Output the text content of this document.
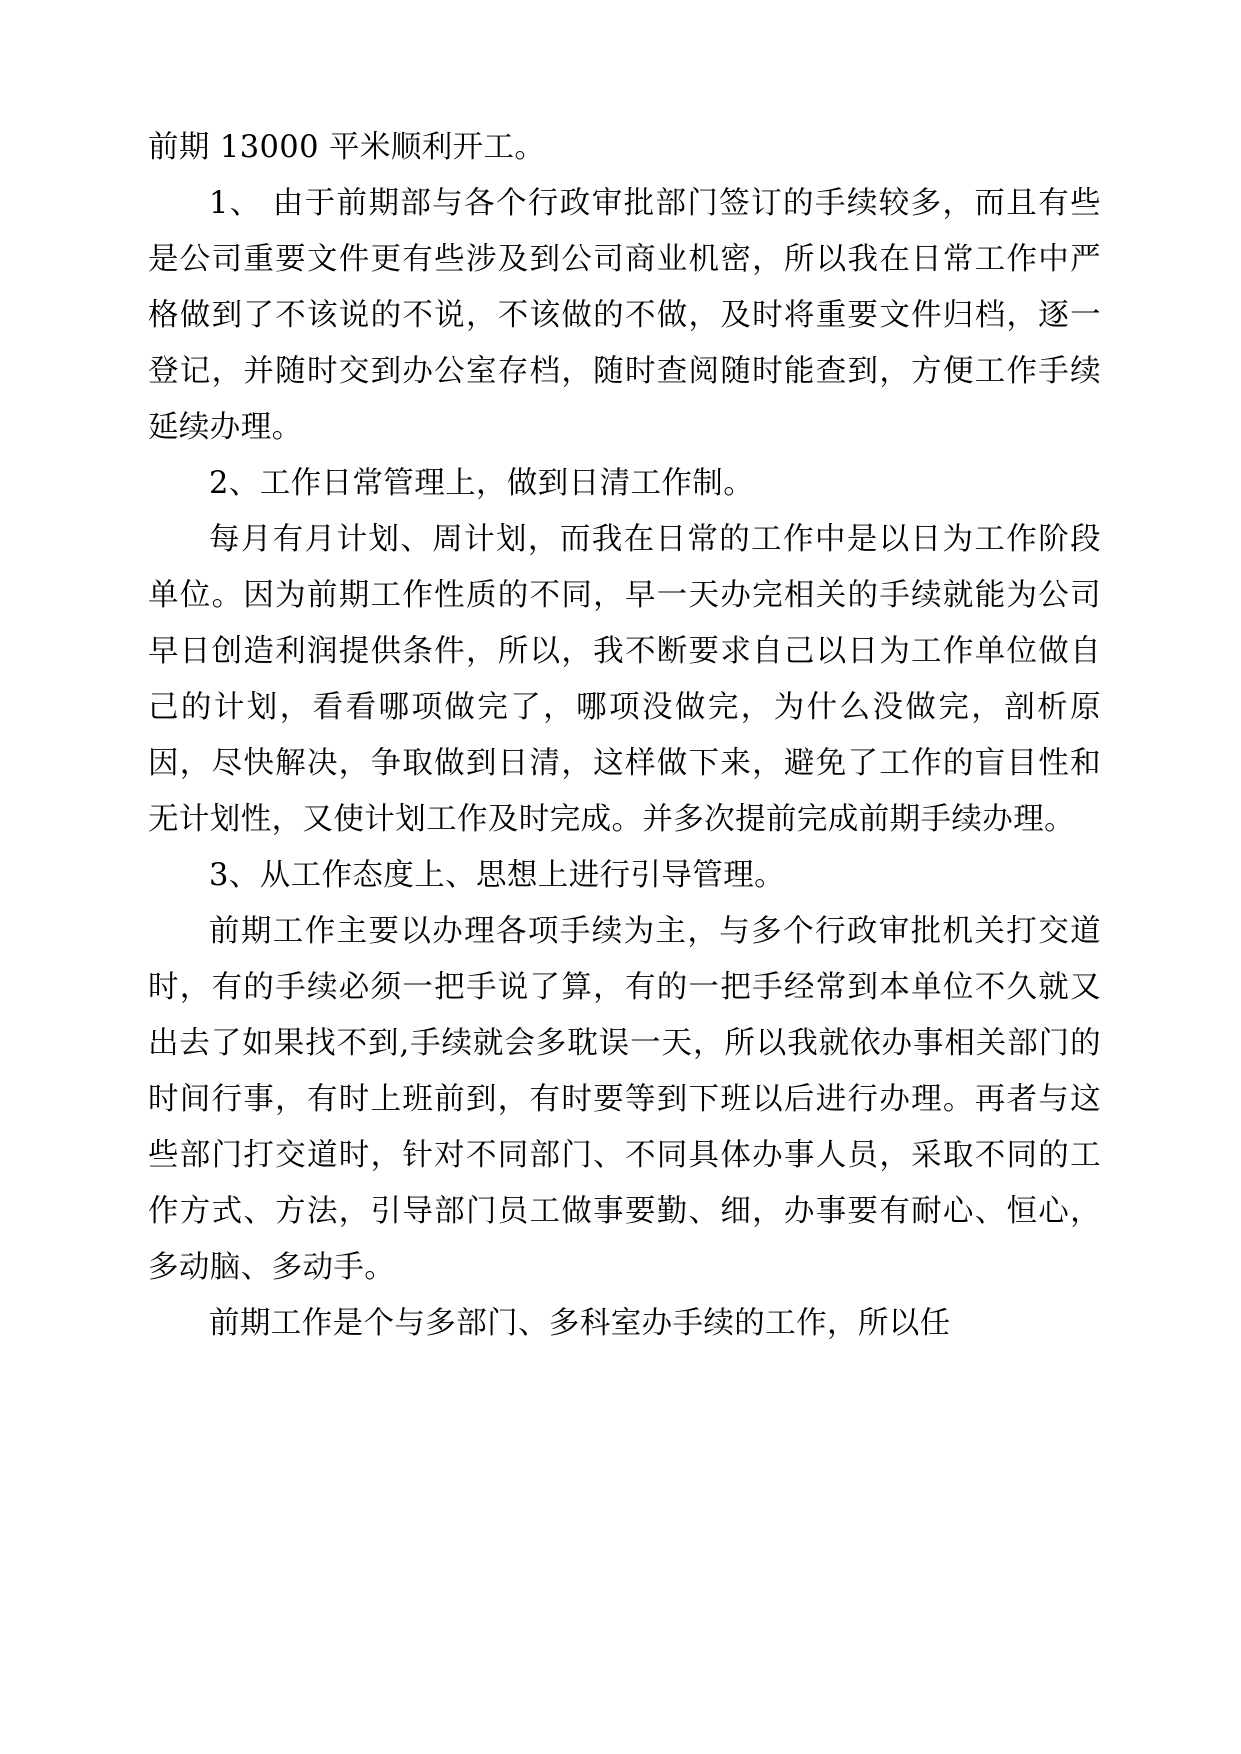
前期 13000 平米顺利开工。

1、 由于前期部与各个行政审批部门签订的手续较多，而且有些是公司重要文件更有些涉及到公司商业机密，所以我在日常工作中严格做到了不该说的不说，不该做的不做，及时将重要文件归档，逐一登记，并随时交到办公室存档，随时查阅随时能查到，方便工作手续延续办理。

2、工作日常管理上，做到日清工作制。

每月有月计划、周计划，而我在日常的工作中是以日为工作阶段单位。因为前期工作性质的不同，早一天办完相关的手续就能为公司早日创造利润提供条件，所以，我不断要求自己以日为工作单位做自己的计划，看看哪项做完了，哪项没做完，为什么没做完，剖析原因，尽快解决，争取做到日清，这样做下来，避免了工作的盲目性和无计划性，又使计划工作及时完成。并多次提前完成前期手续办理。

3、从工作态度上、思想上进行引导管理。

前期工作主要以办理各项手续为主，与多个行政审批机关打交道时，有的手续必须一把手说了算，有的一把手经常到本单位不久就又出去了如果找不到,手续就会多耽误一天，所以我就依办事相关部门的时间行事，有时上班前到，有时要等到下班以后进行办理。再者与这些部门打交道时，针对不同部门、不同具体办事人员，采取不同的工作方式、方法，引导部门员工做事要勤、细，办事要有耐心、恒心，多动脑、多动手。

前期工作是个与多部门、多科室办手续的工作，所以任
